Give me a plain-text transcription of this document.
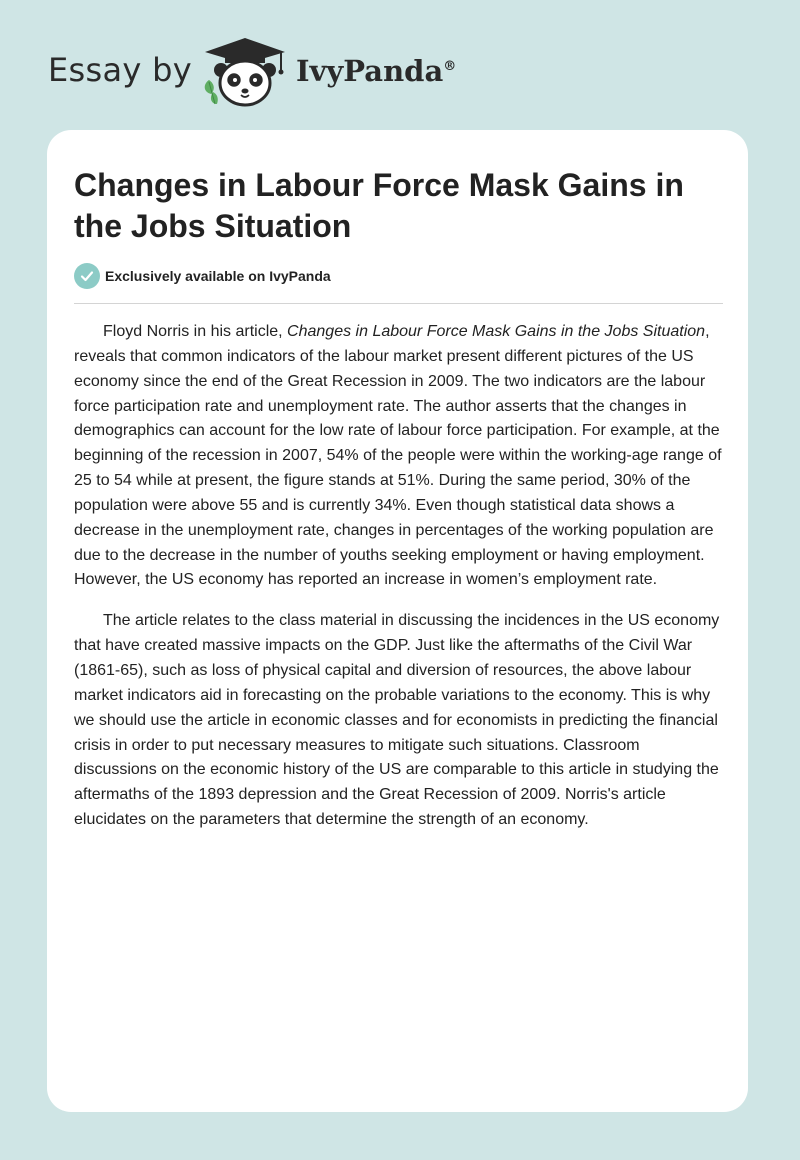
Essay by	IvyPanda®
Changes in Labour Force Mask Gains in the Jobs Situation
Exclusively available on IvyPanda

Floyd Norris in his article, Changes in Labour Force Mask Gains in the Jobs Situation, reveals that common indicators of the labour market present different pictures of the US economy since the end of the Great Recession in 2009. The two indicators are the labour force participation rate and unemployment rate. The author asserts that the changes in demographics can account for the low rate of labour force participation. For example, at the beginning of the recession in 2007, 54% of the people were within the working-age range of 25 to 54 while at present, the figure stands at 51%. During the same period, 30% of the population were above 55 and is currently 34%. Even though statistical data shows a decrease in the unemployment rate, changes in percentages of the working population are due to the decrease in the number of youths seeking employment or having employment. However, the US economy has reported an increase in women’s employment rate.

The article relates to the class material in discussing the incidences in the US economy that have created massive impacts on the GDP. Just like the aftermaths of the Civil War (1861-65), such as loss of physical capital and diversion of resources, the above labour market indicators aid in forecasting on the probable variations to the economy. This is why we should use the article in economic classes and for economists in predicting the financial crisis in order to put necessary measures to mitigate such situations. Classroom discussions on the economic history of the US are comparable to this article in studying the aftermaths of the 1893 depression and the Great Recession of 2009. Norris's article elucidates on the parameters that determine the strength of an economy.
